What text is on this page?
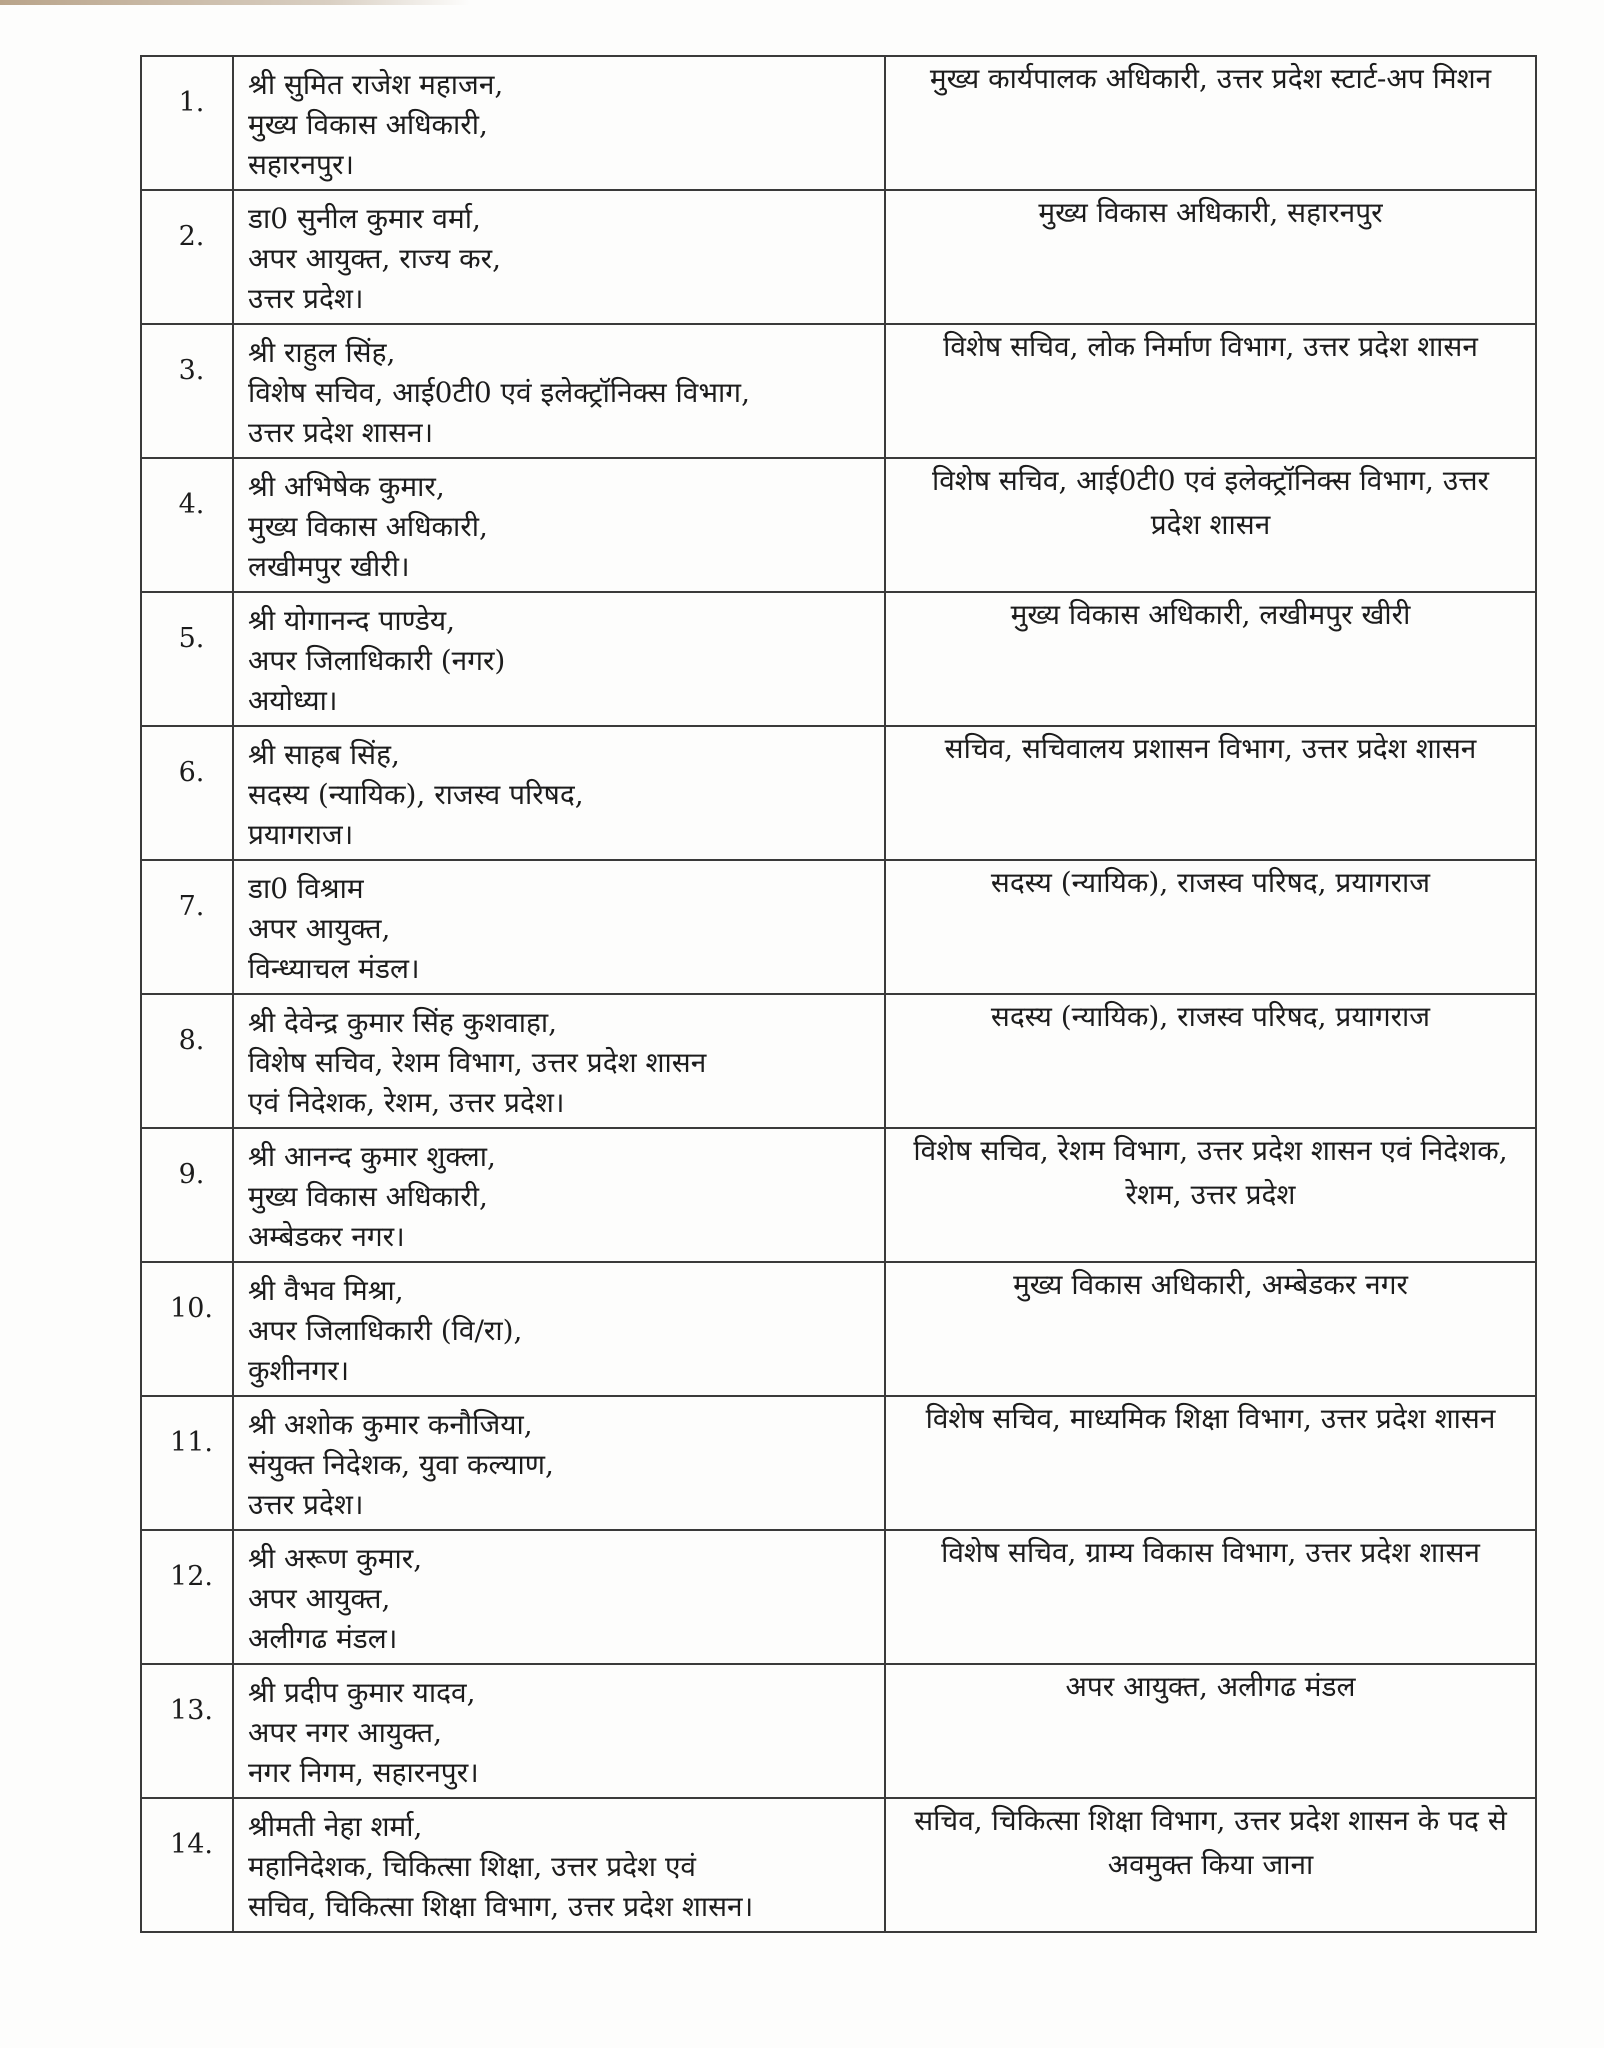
1.	श्री सुमित राजेश महाजन,
मुख्य विकास अधिकारी,
सहारनपुर।	मुख्य कार्यपालक अधिकारी, उत्तर प्रदेश स्टार्ट-अप मिशन
2.	डा0 सुनील कुमार वर्मा,
अपर आयुक्त, राज्य कर,
उत्तर प्रदेश।	मुख्य विकास अधिकारी, सहारनपुर
3.	श्री राहुल सिंह,
विशेष सचिव, आई0टी0 एवं इलेक्ट्रॉनिक्स विभाग,
उत्तर प्रदेश शासन।	विशेष सचिव, लोक निर्माण विभाग, उत्तर प्रदेश शासन
4.	श्री अभिषेक कुमार,
मुख्य विकास अधिकारी,
लखीमपुर खीरी।	विशेष सचिव, आई0टी0 एवं इलेक्ट्रॉनिक्स विभाग, उत्तर प्रदेश शासन
5.	श्री योगानन्द पाण्डेय,
अपर जिलाधिकारी (नगर)
अयोध्या।	मुख्य विकास अधिकारी, लखीमपुर खीरी
6.	श्री साहब सिंह,
सदस्य (न्यायिक), राजस्व परिषद,
प्रयागराज।	सचिव, सचिवालय प्रशासन विभाग, उत्तर प्रदेश शासन
7.	डा0 विश्राम
अपर आयुक्त,
विन्ध्याचल मंडल।	सदस्य (न्यायिक), राजस्व परिषद, प्रयागराज
8.	श्री देवेन्द्र कुमार सिंह कुशवाहा,
विशेष सचिव, रेशम विभाग, उत्तर प्रदेश शासन
एवं निदेशक, रेशम, उत्तर प्रदेश।	सदस्य (न्यायिक), राजस्व परिषद, प्रयागराज
9.	श्री आनन्द कुमार शुक्ला,
मुख्य विकास अधिकारी,
अम्बेडकर नगर।	विशेष सचिव, रेशम विभाग, उत्तर प्रदेश शासन एवं निदेशक, रेशम, उत्तर प्रदेश
10.	श्री वैभव मिश्रा,
अपर जिलाधिकारी (वि/रा),
कुशीनगर।	मुख्य विकास अधिकारी, अम्बेडकर नगर
11.	श्री अशोक कुमार कनौजिया,
संयुक्त निदेशक, युवा कल्याण,
उत्तर प्रदेश।	विशेष सचिव, माध्यमिक शिक्षा विभाग, उत्तर प्रदेश शासन
12.	श्री अरूण कुमार,
अपर आयुक्त,
अलीगढ मंडल।	विशेष सचिव, ग्राम्य विकास विभाग, उत्तर प्रदेश शासन
13.	श्री प्रदीप कुमार यादव,
अपर नगर आयुक्त,
नगर निगम, सहारनपुर।	अपर आयुक्त, अलीगढ मंडल
14.	श्रीमती नेहा शर्मा,
महानिदेशक, चिकित्सा शिक्षा, उत्तर प्रदेश एवं
सचिव, चिकित्सा शिक्षा विभाग, उत्तर प्रदेश शासन।	सचिव, चिकित्सा शिक्षा विभाग, उत्तर प्रदेश शासन के पद से अवमुक्त किया जाना
